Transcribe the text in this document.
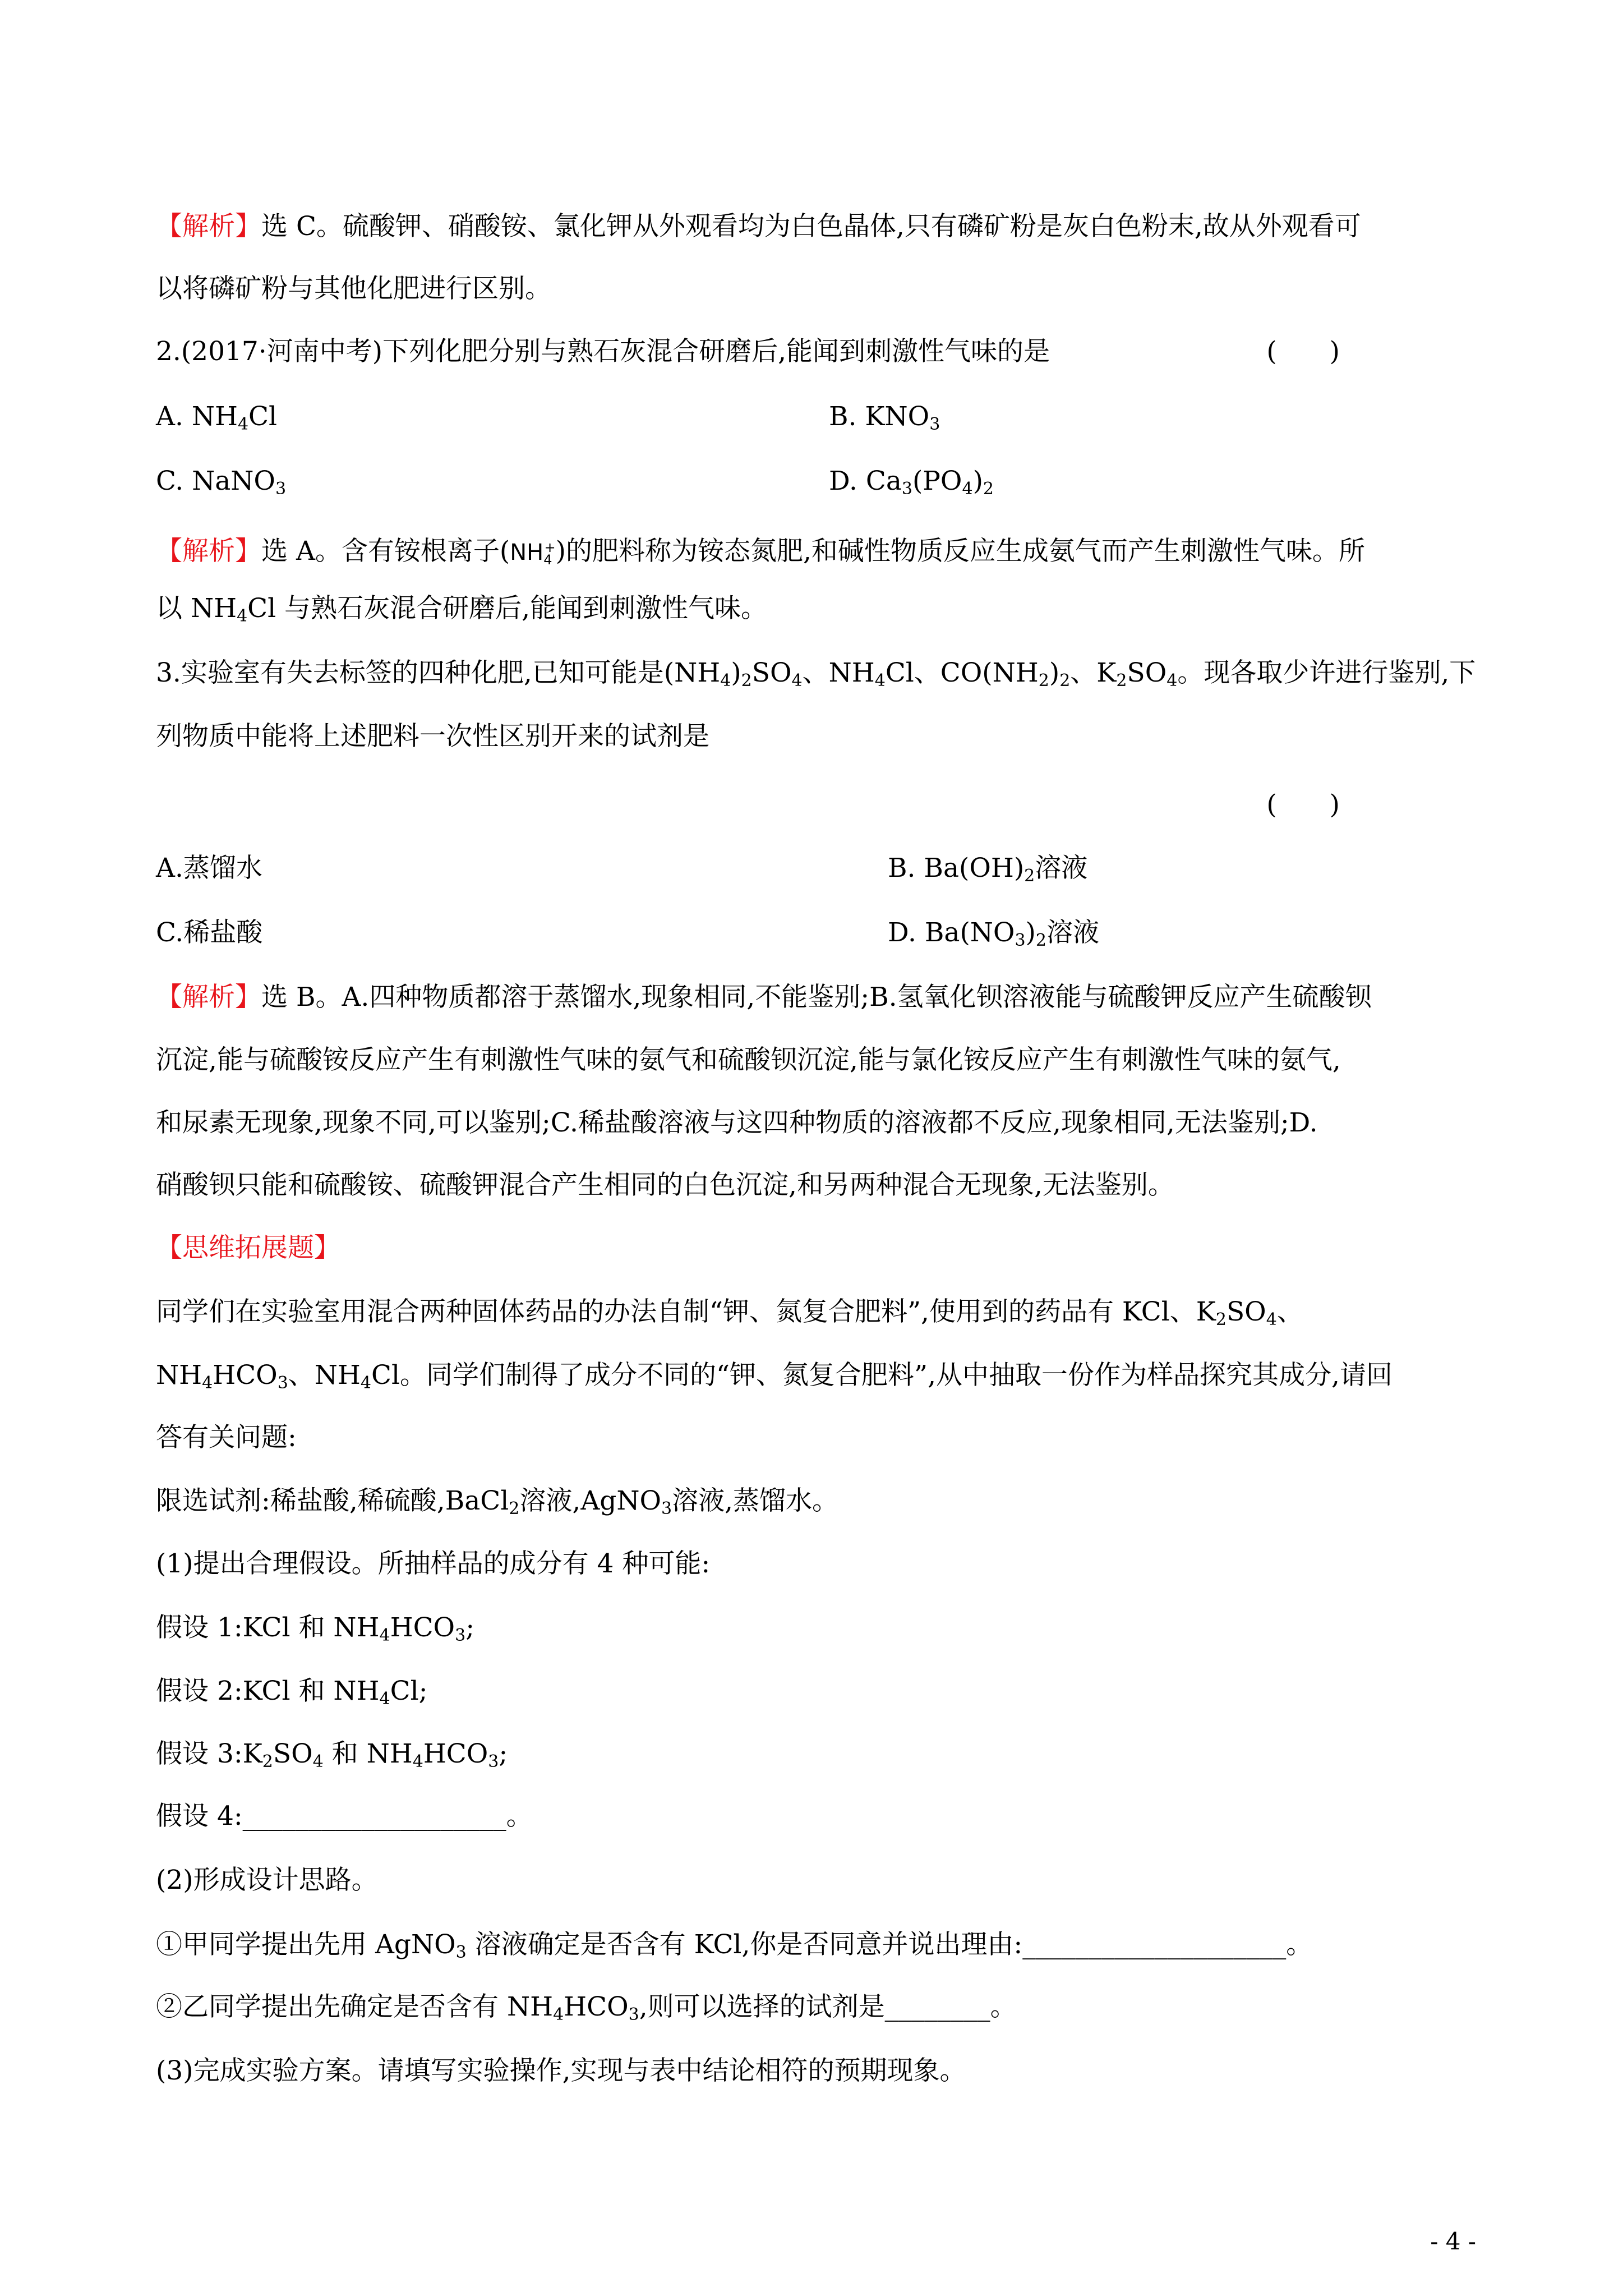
【解析】选 C。硫酸钾、硝酸铵、氯化钾从外观看均为白色晶体,只有磷矿粉是灰白色粉末,故从外观看可
以将磷矿粉与其他化肥进行区别。
2.(2017·河南中考)下列化肥分别与熟石灰混合研磨后,能闻到刺激性气味的是	(　　)
A. $NH_4Cl$	B. $KNO_3$
C. NaNO$_3$	D. $Ca_3(PO_4)_2$
【解析】选 A。含有铵根离子$(NH_4^+)$的肥料称为铵态氮肥,和碱性物质反应生成氨气而产生刺激性气味。所
以 $NH_4Cl$ 与熟石灰混合研磨后,能闻到刺激性气味。
3.实验室有失去标签的四种化肥,已知可能是$(NH_4)_2SO_4$、$NH_4Cl$、$CO(NH_2)_2$、$K_2SO_4$。现各取少许进行鉴别,下
列物质中能将上述肥料一次性区别开来的试剂是
(　　)
A.蒸馏水	B. $Ba(OH)_2$溶液
C.稀盐酸	D. $Ba(NO_3)_2$溶液
【解析】选 B。A.四种物质都溶于蒸馏水,现象相同,不能鉴别;B.氢氧化钡溶液能与硫酸钾反应产生硫酸钡
沉淀,能与硫酸铵反应产生有刺激性气味的氨气和硫酸钡沉淀,能与氯化铵反应产生有刺激性气味的氨气,
和尿素无现象,现象不同,可以鉴别;C.稀盐酸溶液与这四种物质的溶液都不反应,现象相同,无法鉴别;D.
硝酸钡只能和硫酸铵、硫酸钾混合产生相同的白色沉淀,和另两种混合无现象,无法鉴别。
【思维拓展题】
同学们在实验室用混合两种固体药品的办法自制“钾、氮复合肥料”,使用到的药品有 KCl、$K_2SO_4$、
$NH_4HCO_3$、$NH_4Cl$。同学们制得了成分不同的“钾、氮复合肥料”,从中抽取一份作为样品探究其成分,请回
答有关问题:
限选试剂:稀盐酸,稀硫酸,BaCl$_2$溶液,AgNO$_3$溶液,蒸馏水。
(1)提出合理假设。所抽样品的成分有 4 种可能:
假设 1:KCl 和 $NH_4HCO_3$;
假设 2:KCl 和 $NH_4Cl$;
假设 $3:K_2SO_4$ 和 $NH_4HCO_3$;
假设 4:____________________。
(2)形成设计思路。
①甲同学提出先用 AgNO$_3$ 溶液确定是否含有 KCl,你是否同意并说出理由:____________________。
②乙同学提出先确定是否含有 $NH_4HCO_3$,则可以选择的试剂是________。
(3)完成实验方案。请填写实验操作,实现与表中结论相符的预期现象。
- 4 -
